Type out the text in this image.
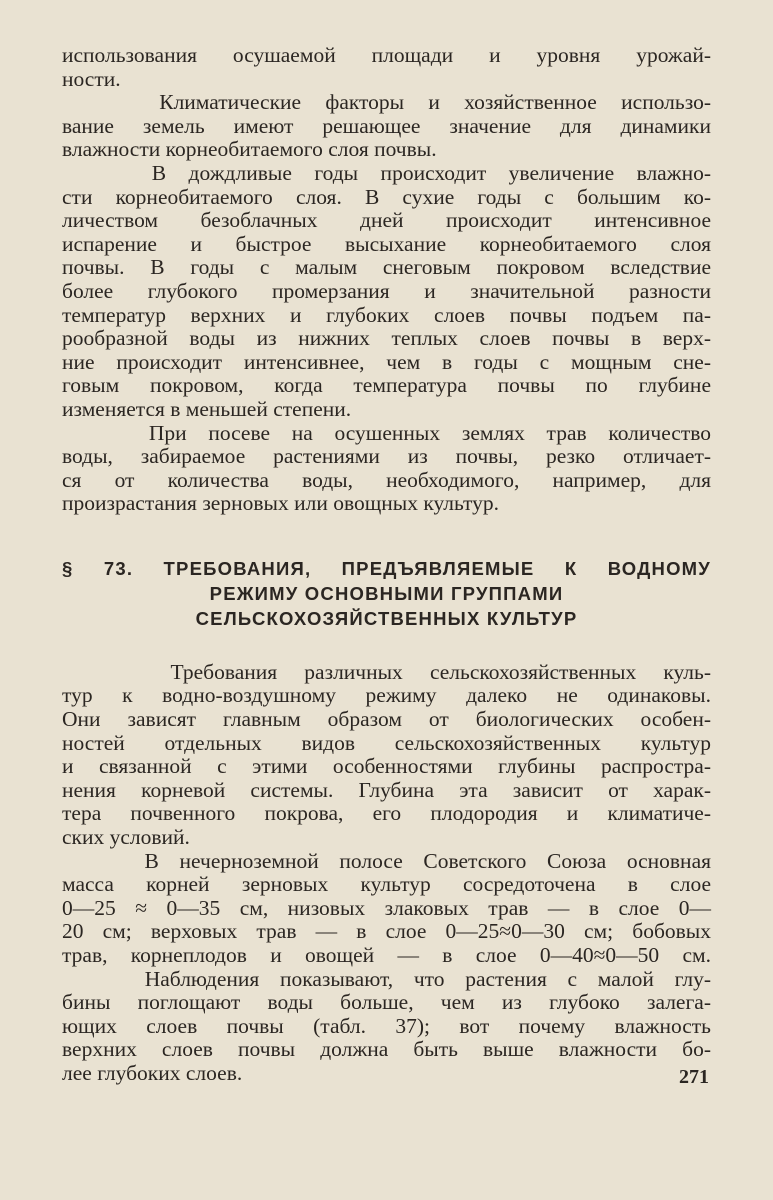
использования осушаемой площади и уровня урожай-
ности.
Климатические факторы и хозяйственное использо-
вание земель имеют решающее значение для динамики
влажности корнеобитаемого слоя почвы.
В дождливые годы происходит увеличение влажно-
сти корнеобитаемого слоя. В сухие годы с большим ко-
личеством безоблачных дней происходит интенсивное
испарение и быстрое высыхание корнеобитаемого слоя
почвы. В годы с малым снеговым покровом вследствие
более глубокого промерзания и значительной разности
температур верхних и глубоких слоев почвы подъем па-
рообразной воды из нижних теплых слоев почвы в верх-
ние происходит интенсивнее, чем в годы с мощным сне-
говым покровом, когда температура почвы по глубине
изменяется в меньшей степени.
При посеве на осушенных землях трав количество
воды, забираемое растениями из почвы, резко отличает-
ся от количества воды, необходимого, например, для
произрастания зерновых или овощных культур.
§ 73. ТРЕБОВАНИЯ, ПРЕДЪЯВЛЯЕМЫЕ К ВОДНОМУ
РЕЖИМУ ОСНОВНЫМИ ГРУППАМИ
СЕЛЬСКОХОЗЯЙСТВЕННЫХ КУЛЬТУР
Требования различных сельскохозяйственных куль-
тур к водно-воздушному режиму далеко не одинаковы.
Они зависят главным образом от биологических особен-
ностей отдельных видов сельскохозяйственных культур
и связанной с этими особенностями глубины распростра-
нения корневой системы. Глубина эта зависит от харак-
тера почвенного покрова, его плодородия и климатиче-
ских условий.
В нечерноземной полосе Советского Союза основная
масса корней зерновых культур сосредоточена в слое
0—25 ≈ 0—35 см, низовых злаковых трав — в слое 0—
20 см; верховых трав — в слое 0—25≈0—30 см; бобовых
трав, корнеплодов и овощей — в слое 0—40≈0—50 см.
Наблюдения показывают, что растения с малой глу-
бины поглощают воды больше, чем из глубоко залега-
ющих слоев почвы (табл. 37); вот почему влажность
верхних слоев почвы должна быть выше влажности бо-
лее глубоких слоев.	271
